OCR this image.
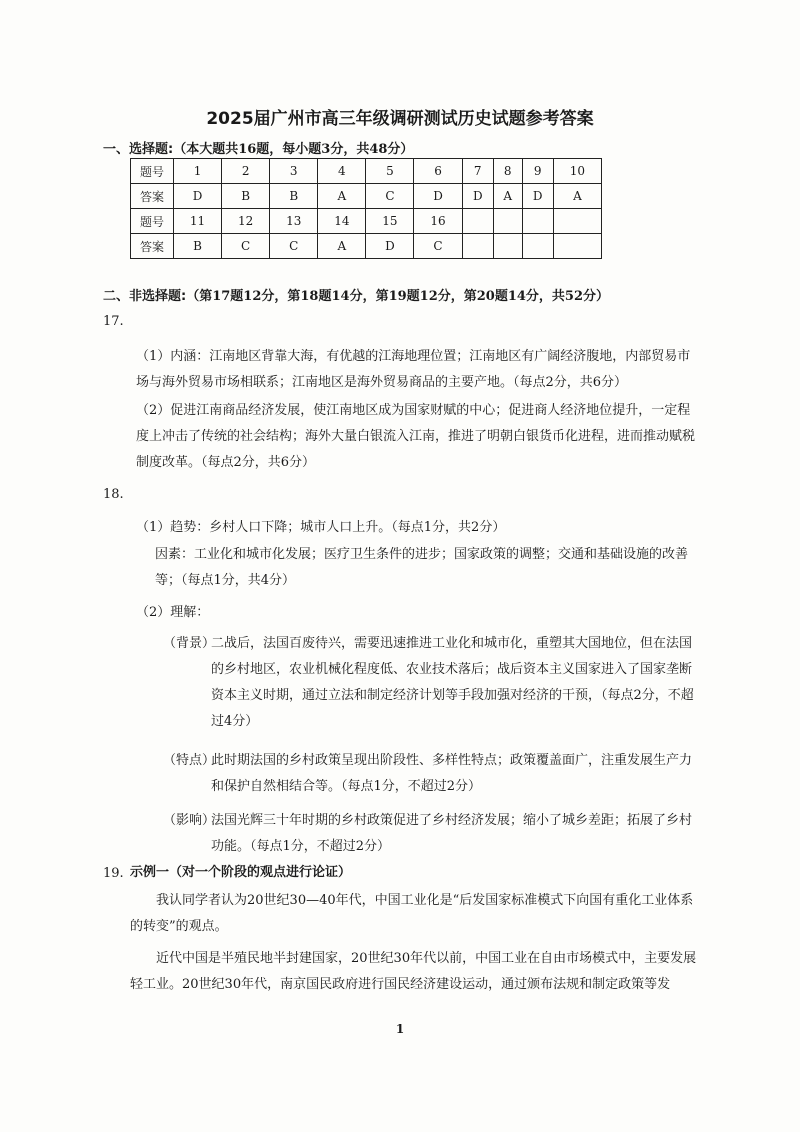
2025届广州市高三年级调研测试历史试题参考答案
一、选择题:（本大题共16题，每小题3分，共48分）
题号	1	2	3	4	5	6	7	8	9	10
答案	D	B	B	A	C	D	D	A	D	A
题号	11	12	13	14	15	16				
答案	B	C	C	A	D	C				
二、非选择题:（第17题12分，第18题14分，第19题12分，第20题14分，共52分）
17.
（1）内涵：江南地区背靠大海，有优越的江海地理位置；江南地区有广阔经济腹地，内部贸易市场与海外贸易市场相联系；江南地区是海外贸易商品的主要产地。（每点2分，共6分）
（2）促进江南商品经济发展，使江南地区成为国家财赋的中心；促进商人经济地位提升，一定程度上冲击了传统的社会结构；海外大量白银流入江南，推进了明朝白银货币化进程，进而推动赋税制度改革。（每点2分，共6分）
18.
（1）趋势：乡村人口下降；城市人口上升。（每点1分，共2分）
因素：工业化和城市化发展；医疗卫生条件的进步；国家政策的调整；交通和基础设施的改善等；（每点1分，共4分）
（2）理解：
（背景）
二战后，法国百废待兴，需要迅速推进工业化和城市化，重塑其大国地位，但在法国的乡村地区，农业机械化程度低、农业技术落后；战后资本主义国家进入了国家垄断资本主义时期，通过立法和制定经济计划等手段加强对经济的干预，（每点2分，不超过4分）
（特点）
此时期法国的乡村政策呈现出阶段性、多样性特点；政策覆盖面广，注重发展生产力和保护自然相结合等。（每点1分，不超过2分）
（影响）
法国光辉三十年时期的乡村政策促进了乡村经济发展；缩小了城乡差距；拓展了乡村功能。（每点1分，不超过2分）
19. 示例一（对一个阶段的观点进行论证）
我认同学者认为20世纪30—40年代，中国工业化是“后发国家标准模式下向国有重化工业体系的转变”的观点。
近代中国是半殖民地半封建国家，20世纪30年代以前，中国工业在自由市场模式中，主要发展轻工业。20世纪30年代，南京国民政府进行国民经济建设运动，通过颁布法规和制定政策等发
1
